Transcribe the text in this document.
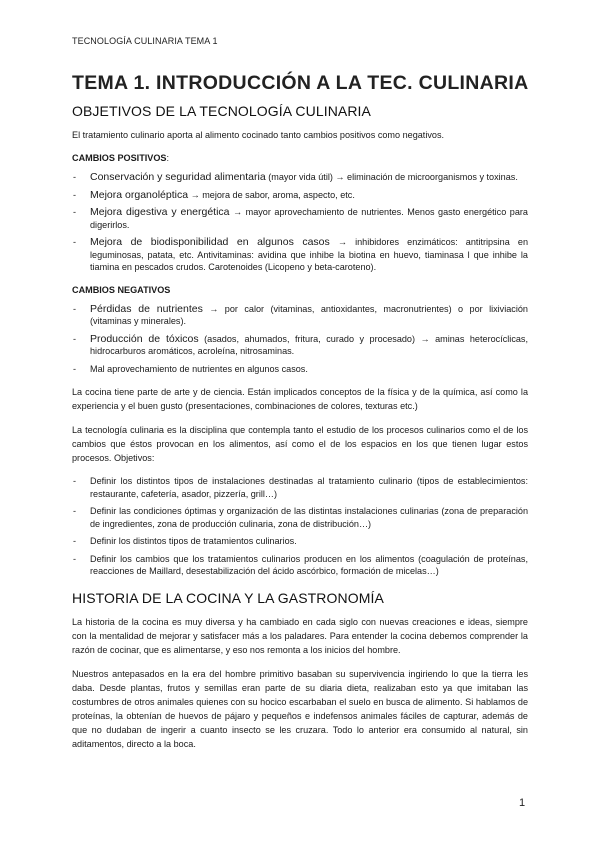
TECNOLOGÍA CULINARIA TEMA 1
TEMA 1. INTRODUCCIÓN A LA TEC. CULINARIA
OBJETIVOS DE LA TECNOLOGÍA CULINARIA

El tratamiento culinario aporta al alimento cocinado tanto cambios positivos como negativos.

CAMBIOS POSITIVOS:
- Conservación y seguridad alimentaria (mayor vida útil) → eliminación de microorganismos y toxinas.
- Mejora organoléptica → mejora de sabor, aroma, aspecto, etc.
- Mejora digestiva y energética → mayor aprovechamiento de nutrientes. Menos gasto energético para digerirlos.
- Mejora de biodisponibilidad en algunos casos → inhibidores enzimáticos: antitripsina en leguminosas, patata, etc. Antivitaminas: avidina que inhibe la biotina en huevo, tiaminasa l que inhibe la tiamina en pescados crudos. Carotenoides (Licopeno y beta-caroteno).
CAMBIOS NEGATIVOS
- Pérdidas de nutrientes → por calor (vitaminas, antioxidantes, macronutrientes) o por lixiviación (vitaminas y minerales).
- Producción de tóxicos (asados, ahumados, fritura, curado y procesado) → aminas heterocíclicas, hidrocarburos aromáticos, acroleína, nitrosaminas.
- Mal aprovechamiento de nutrientes en algunos casos.

La cocina tiene parte de arte y de ciencia. Están implicados conceptos de la física y de la química, así como la experiencia y el buen gusto (presentaciones, combinaciones de colores, texturas etc.)

La tecnología culinaria es la disciplina que contempla tanto el estudio de los procesos culinarios como el de los cambios que éstos provocan en los alimentos, así como el de los espacios en los que tienen lugar estos procesos. Objetivos:

- Definir los distintos tipos de instalaciones destinadas al tratamiento culinario (tipos de establecimientos: restaurante, cafetería, asador, pizzería, grill…)
- Definir las condiciones óptimas y organización de las distintas instalaciones culinarias (zona de preparación de ingredientes, zona de producción culinaria, zona de distribución…)
- Definir los distintos tipos de tratamientos culinarios.
- Definir los cambios que los tratamientos culinarios producen en los alimentos (coagulación de proteínas, reacciones de Maillard, desestabilización del ácido ascórbico, formación de micelas…)
HISTORIA DE LA COCINA Y LA GASTRONOMÍA

La historia de la cocina es muy diversa y ha cambiado en cada siglo con nuevas creaciones e ideas, siempre con la mentalidad de mejorar y satisfacer más a los paladares. Para entender la cocina debemos comprender la razón de cocinar, que es alimentarse, y eso nos remonta a los inicios del hombre.

Nuestros antepasados en la era del hombre primitivo basaban su supervivencia ingiriendo lo que la tierra les daba. Desde plantas, frutos y semillas eran parte de su diaria dieta, realizaban esto ya que imitaban las costumbres de otros animales quienes con su hocico escarbaban el suelo en busca de alimento. Si hablamos de proteínas, la obtenían de huevos de pájaro y pequeños e indefensos animales fáciles de capturar, además de que no dudaban de ingerir a cuanto insecto se les cruzara. Todo lo anterior era consumido al natural, sin aditamentos, directo a la boca.

1
